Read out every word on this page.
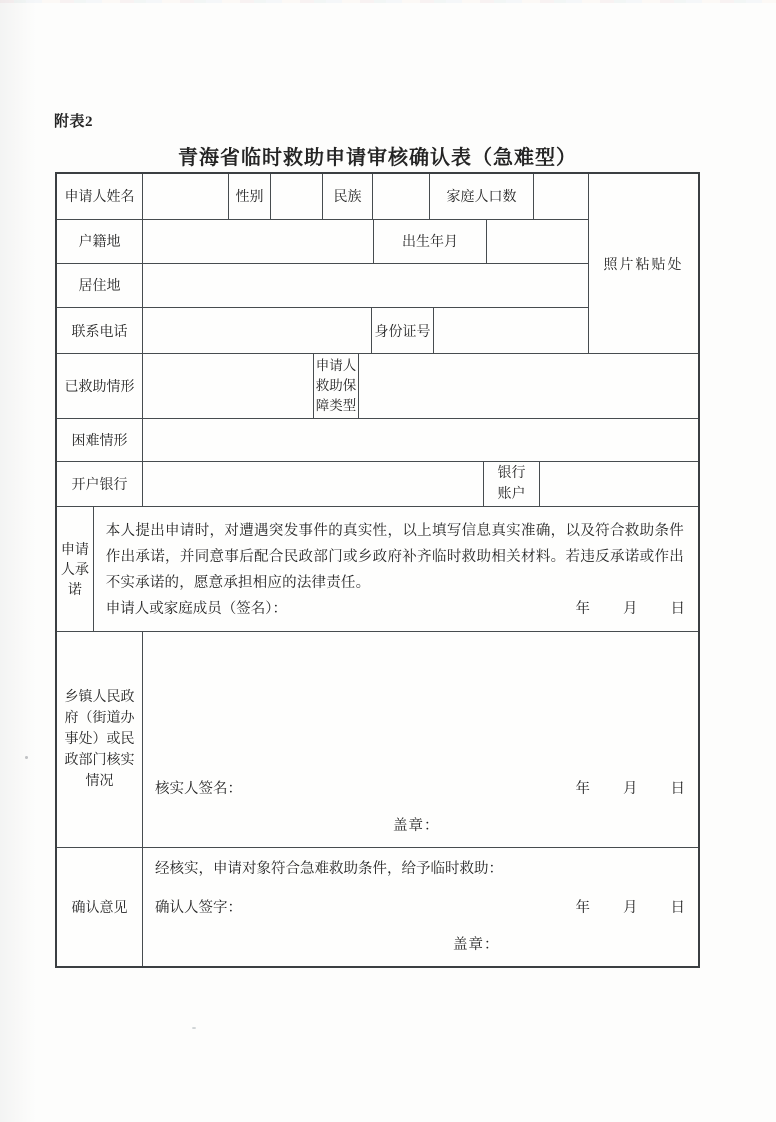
附表2
青海省临时救助申请审核确认表（急难型）
申请人姓名	性别	民族	家庭人口数
户籍地	出生年月
居住地
联系电话	身份证号
照片粘贴处
已救助情形
申请人救助保障类型
困难情形
开户银行
银行账户
申请人承诺
本人提出申请时，对遭遇突发事件的真实性，以上填写信息真实准确，以及符合救助条件作出承诺，并同意事后配合民政部门或乡政府补齐临时救助相关材料。若违反承诺或作出不实承诺的，愿意承担相应的法律责任。
申请人或家庭成员（签名）：	年 月 日
乡镇人民政府（街道办事处）或民政部门核实情况	核实人签名：	年 月 日
盖章：
确认意见
经核实，申请对象符合急难救助条件，给予临时救助：
确认人签字：	年 月 日
盖章：
